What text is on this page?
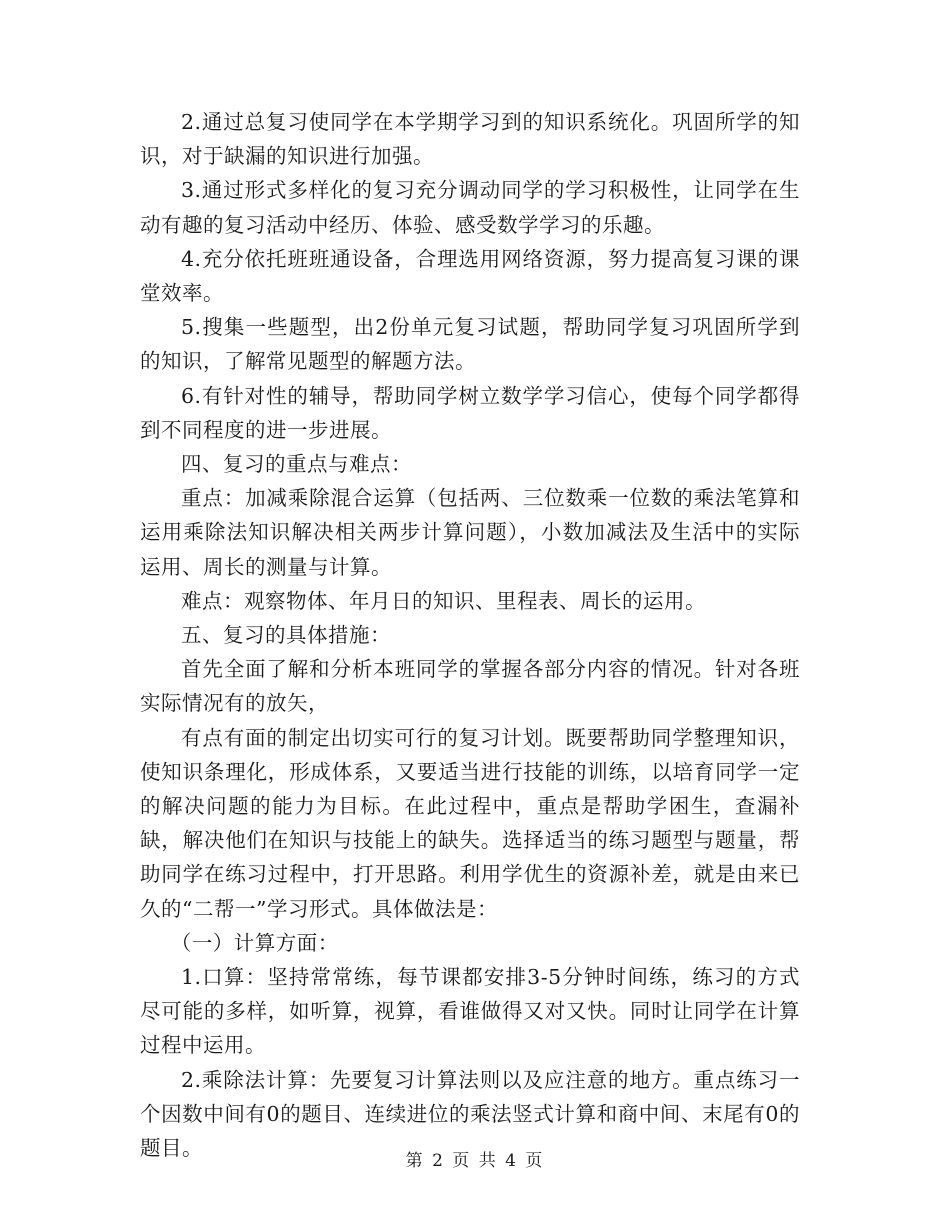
2.通过总复习使同学在本学期学习到的知识系统化。巩固所学的知识，对于缺漏的知识进行加强。

3.通过形式多样化的复习充分调动同学的学习积极性，让同学在生动有趣的复习活动中经历、体验、感受数学学习的乐趣。

4.充分依托班班通设备，合理选用网络资源，努力提高复习课的课堂效率。

5.搜集一些题型，出2份单元复习试题，帮助同学复习巩固所学到的知识，了解常见题型的解题方法。

6.有针对性的辅导，帮助同学树立数学学习信心，使每个同学都得到不同程度的进一步进展。

四、复习的重点与难点：

重点：加减乘除混合运算（包括两、三位数乘一位数的乘法笔算和运用乘除法知识解决相关两步计算问题），小数加减法及生活中的实际运用、周长的测量与计算。

难点：观察物体、年月日的知识、里程表、周长的运用。

五、复习的具体措施：

首先全面了解和分析本班同学的掌握各部分内容的情况。针对各班实际情况有的放矢，

有点有面的制定出切实可行的复习计划。既要帮助同学整理知识，使知识条理化，形成体系，又要适当进行技能的训练，以培育同学一定的解决问题的能力为目标。在此过程中，重点是帮助学困生，查漏补缺，解决他们在知识与技能上的缺失。选择适当的练习题型与题量，帮助同学在练习过程中，打开思路。利用学优生的资源补差，就是由来已久的“二帮一”学习形式。具体做法是：

（一）计算方面：

1.口算：坚持常常练，每节课都安排3-5分钟时间练，练习的方式尽可能的多样，如听算，视算，看谁做得又对又快。同时让同学在计算过程中运用。

2.乘除法计算：先要复习计算法则以及应注意的地方。重点练习一个因数中间有0的题目、连续进位的乘法竖式计算和商中间、末尾有0的题目。

第 2 页 共 4 页
